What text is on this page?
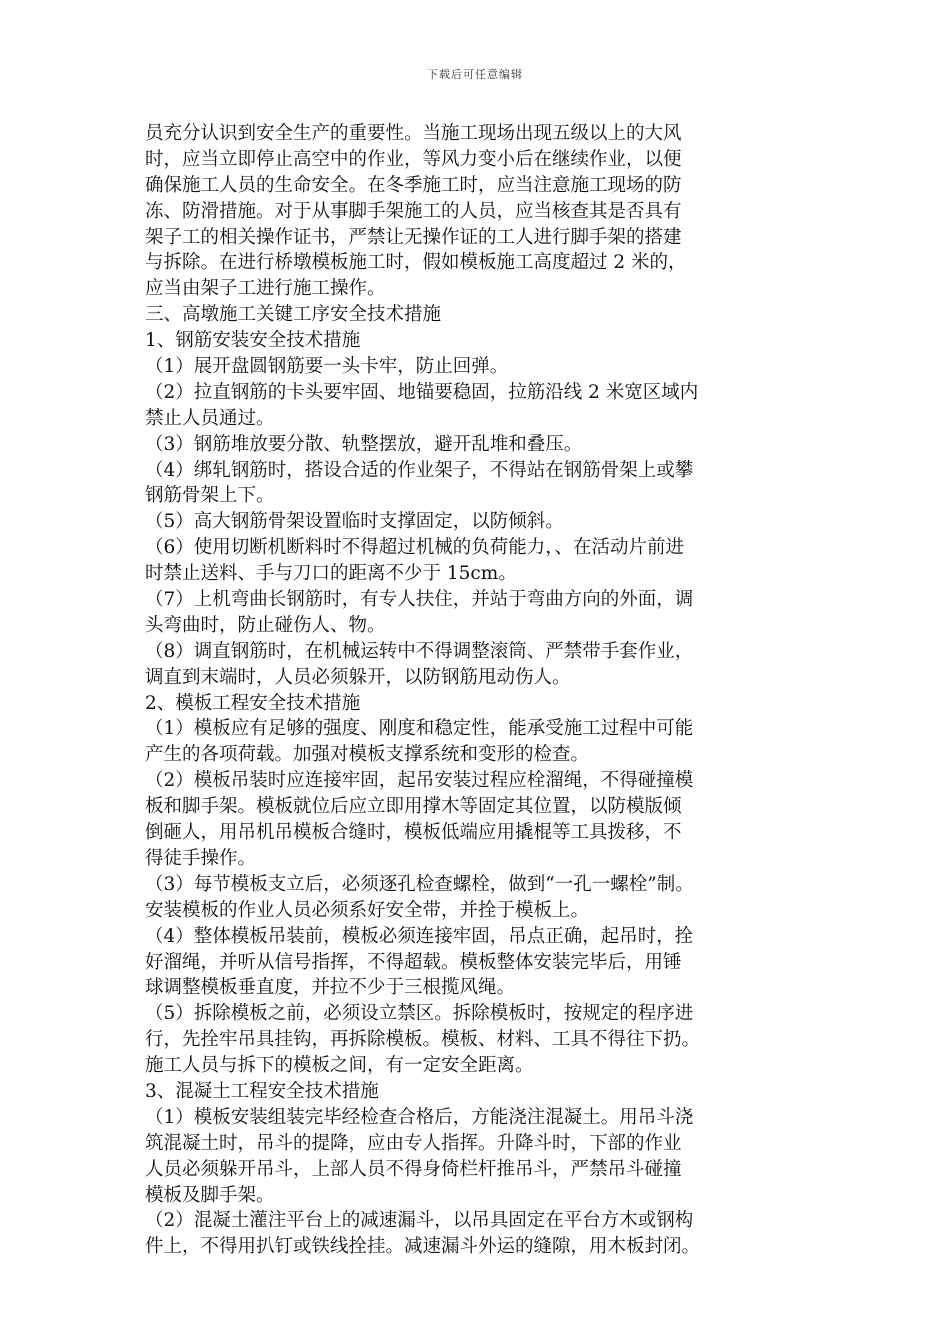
下载后可任意编辑
员充分认识到安全生产的重要性。当施工现场出现五级以上的大风
时，应当立即停止高空中的作业，等风力变小后在继续作业，以便
确保施工人员的生命安全。在冬季施工时，应当注意施工现场的防
冻、防滑措施。对于从事脚手架施工的人员，应当核查其是否具有
架子工的相关操作证书，严禁让无操作证的工人进行脚手架的搭建
与拆除。在进行桥墩模板施工时，假如模板施工高度超过 2 米的，
应当由架子工进行施工操作。
三、高墩施工关键工序安全技术措施
1、钢筋安装安全技术措施
（1）展开盘圆钢筋要一头卡牢，防止回弹。
（2）拉直钢筋的卡头要牢固、地锚要稳固，拉筋沿线 2 米宽区域内
禁止人员通过。
（3）钢筋堆放要分散、轨整摆放，避开乱堆和叠压。
（4）绑轧钢筋时，搭设合适的作业架子，不得站在钢筋骨架上或攀
钢筋骨架上下。
（5）高大钢筋骨架设置临时支撑固定，以防倾斜。
（6）使用切断机断料时不得超过机械的负荷能力，、在活动片前进
时禁止送料、手与刀口的距离不少于 15cm。
（7）上机弯曲长钢筋时，有专人扶住，并站于弯曲方向的外面，调
头弯曲时，防止碰伤人、物。
（8）调直钢筋时，在机械运转中不得调整滚筒、严禁带手套作业，
调直到末端时，人员必须躲开，以防钢筋甩动伤人。
2、模板工程安全技术措施
（1）模板应有足够的强度、刚度和稳定性，能承受施工过程中可能
产生的各项荷载。加强对模板支撑系统和变形的检查。
（2）模板吊装时应连接牢固，起吊安装过程应栓溜绳，不得碰撞模
板和脚手架。模板就位后应立即用撑木等固定其位置，以防模版倾
倒砸人，用吊机吊模板合缝时，模板低端应用撬棍等工具拨移，不
得徒手操作。
（3）每节模板支立后，必须逐孔检查螺栓，做到“一孔一螺栓”制。
安装模板的作业人员必须系好安全带，并拴于模板上。
（4）整体模板吊装前，模板必须连接牢固，吊点正确，起吊时，拴
好溜绳，并听从信号指挥，不得超载。模板整体安装完毕后，用锤
球调整模板垂直度，并拉不少于三根揽风绳。
（5）拆除模板之前，必须设立禁区。拆除模板时，按规定的程序进
行，先拴牢吊具挂钩，再拆除模板。模板、材料、工具不得往下扔。
施工人员与拆下的模板之间，有一定安全距离。
3、混凝土工程安全技术措施
（1）模板安装组装完毕经检查合格后，方能浇注混凝土。用吊斗浇
筑混凝土时，吊斗的提降，应由专人指挥。升降斗时，下部的作业
人员必须躲开吊斗，上部人员不得身倚栏杆推吊斗，严禁吊斗碰撞
模板及脚手架。
（2）混凝土灌注平台上的减速漏斗，以吊具固定在平台方木或钢构
件上，不得用扒钉或铁线拴挂。减速漏斗外运的缝隙，用木板封闭。
